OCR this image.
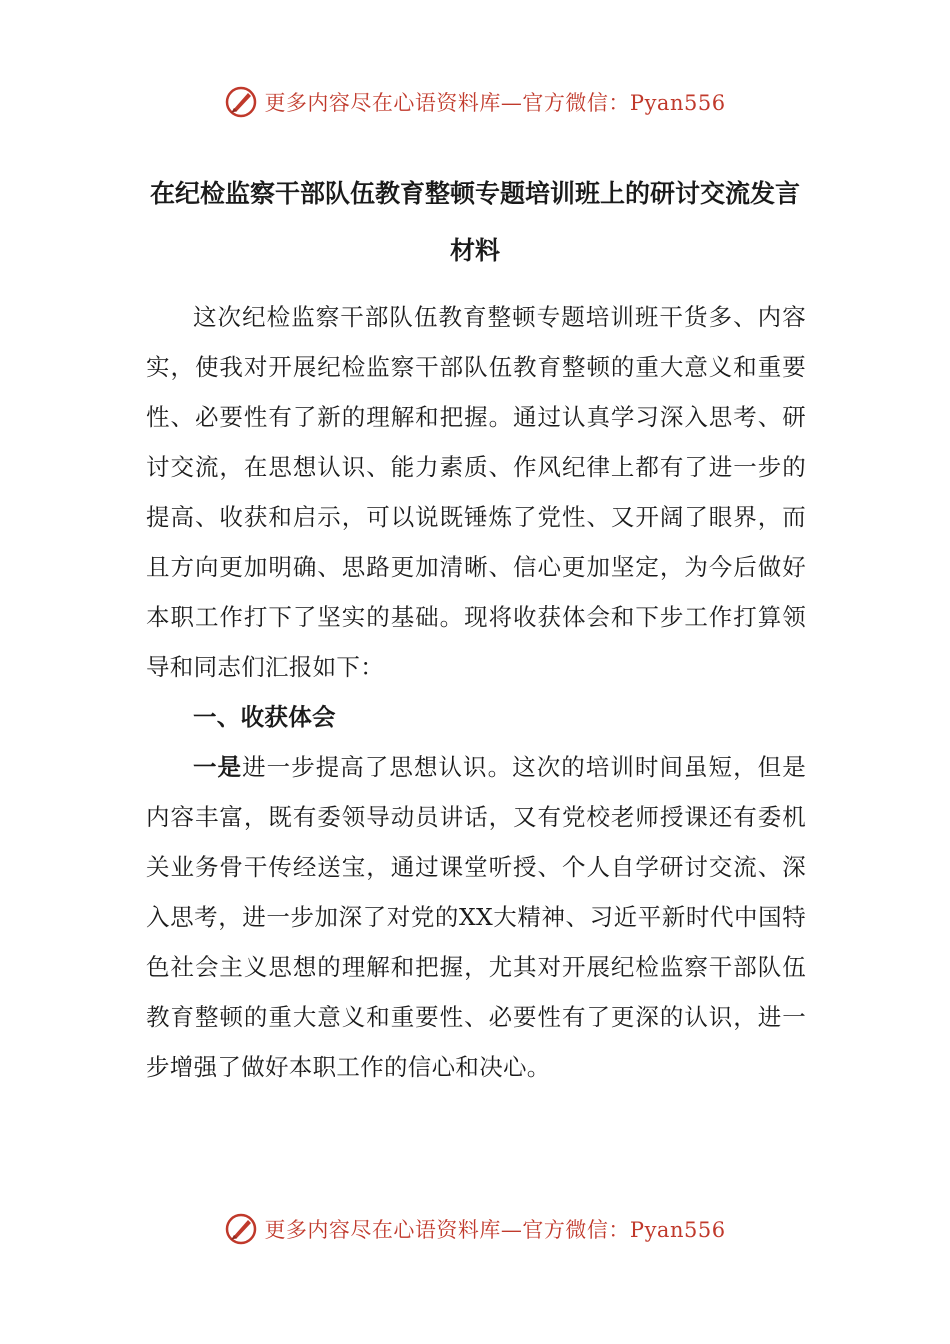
更多内容尽在心语资料库—官方微信：Pyan556
在纪检监察干部队伍教育整顿专题培训班上的研讨交流发言材料

这次纪检监察干部队伍教育整顿专题培训班干货多、内容实，使我对开展纪检监察干部队伍教育整顿的重大意义和重要性、必要性有了新的理解和把握。通过认真学习深入思考、研讨交流，在思想认识、能力素质、作风纪律上都有了进一步的提高、收获和启示，可以说既锤炼了党性、又开阔了眼界，而且方向更加明确、思路更加清晰、信心更加坚定，为今后做好本职工作打下了坚实的基础。现将收获体会和下步工作打算领导和同志们汇报如下：

一、收获体会

一是进一步提高了思想认识。这次的培训时间虽短，但是内容丰富，既有委领导动员讲话，又有党校老师授课还有委机关业务骨干传经送宝，通过课堂听授、个人自学研讨交流、深入思考，进一步加深了对党的XX大精神、习近平新时代中国特色社会主义思想的理解和把握，尤其对开展纪检监察干部队伍教育整顿的重大意义和重要性、必要性有了更深的认识，进一步增强了做好本职工作的信心和决心。

更多内容尽在心语资料库—官方微信：Pyan556
